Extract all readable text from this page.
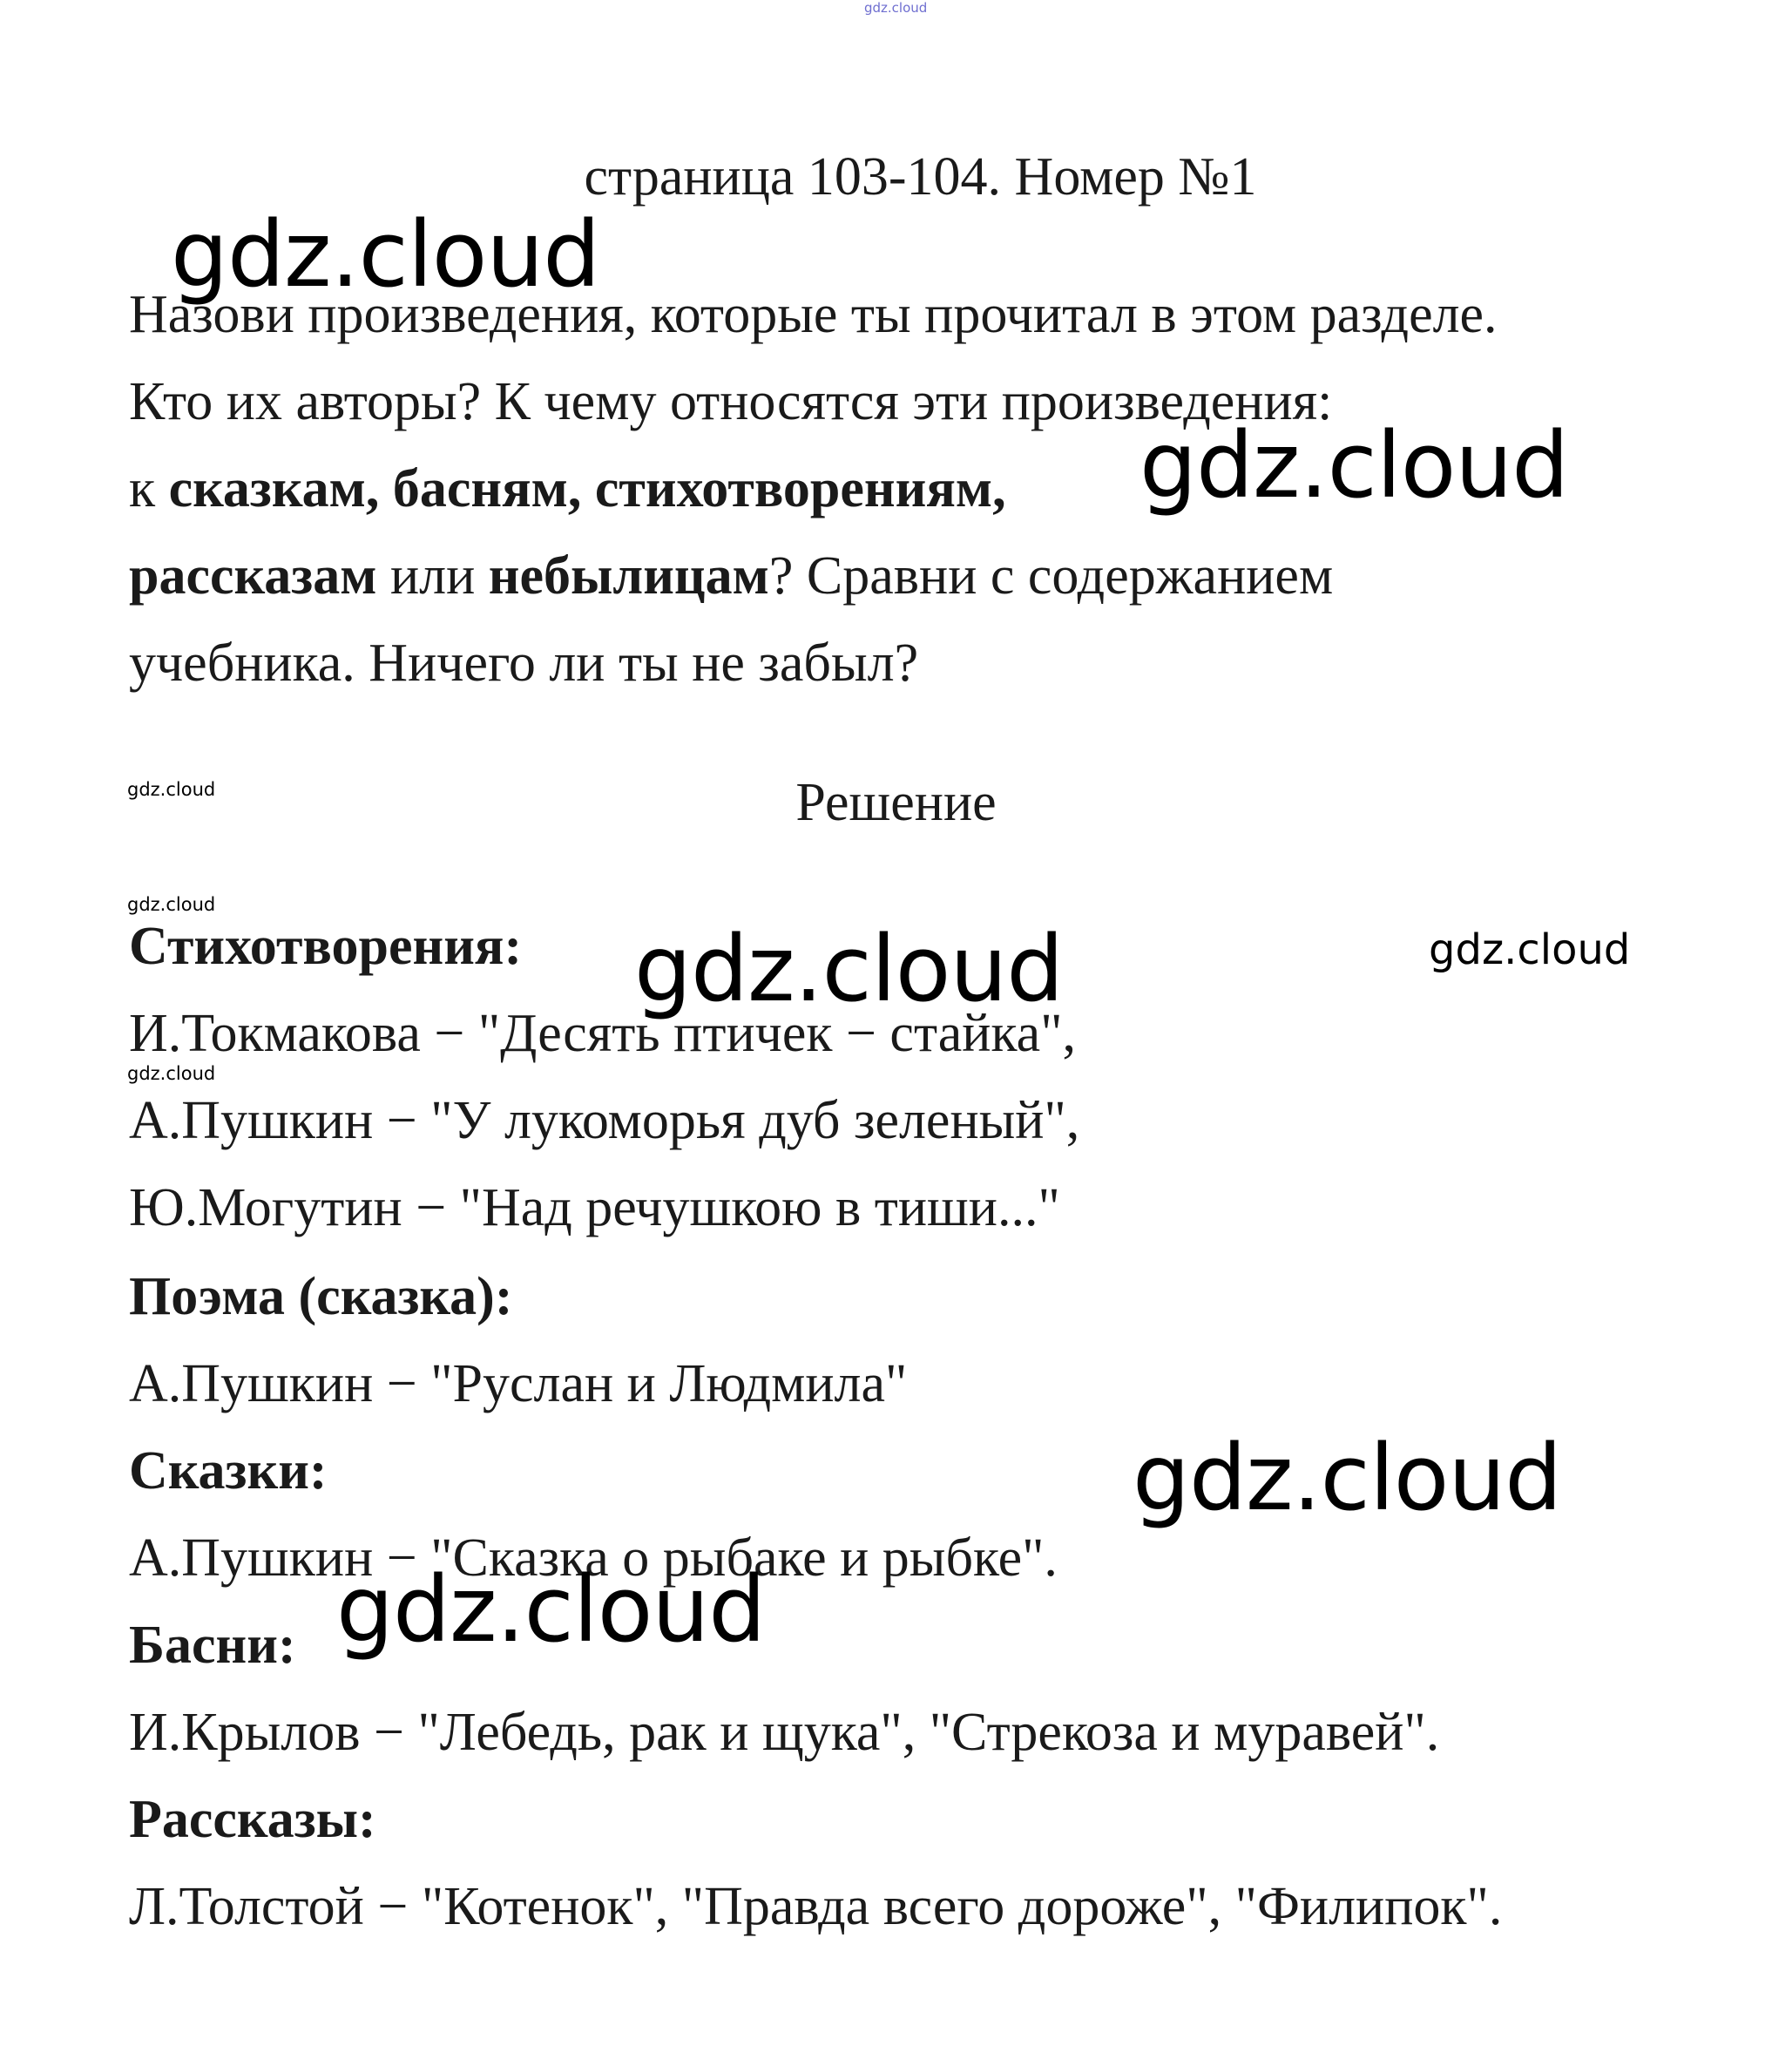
gdz.cloud
страница 103-104. Номер №1
Назови произведения, которые ты прочитал в этом разделе.
Кто их авторы? К чему относятся эти произведения:
к сказкам, басням, стихотворениям,
рассказам или небылицам? Сравни с содержанием
учебника. Ничего ли ты не забыл?
Решение
Стихотворения:
И.Токмакова − "Десять птичек − стайка",
А.Пушкин − "У лукоморья дуб зеленый",
Ю.Могутин − "Над речушкою в тиши..."
Поэма (сказка):
А.Пушкин − "Руслан и Людмила"
Сказки:
А.Пушкин − "Сказка о рыбаке и рыбке".
Басни:
И.Крылов − "Лебедь, рак и щука", "Стрекоза и муравей".
Рассказы:
Л.Толстой − "Котенок", "Правда всего дороже", "Филипок".
gdz.cloud
gdz.cloud
gdz.cloud
gdz.cloud
gdz.cloud	gdz.cloud
gdz.cloud
gdz.cloud
gdz.cloud
